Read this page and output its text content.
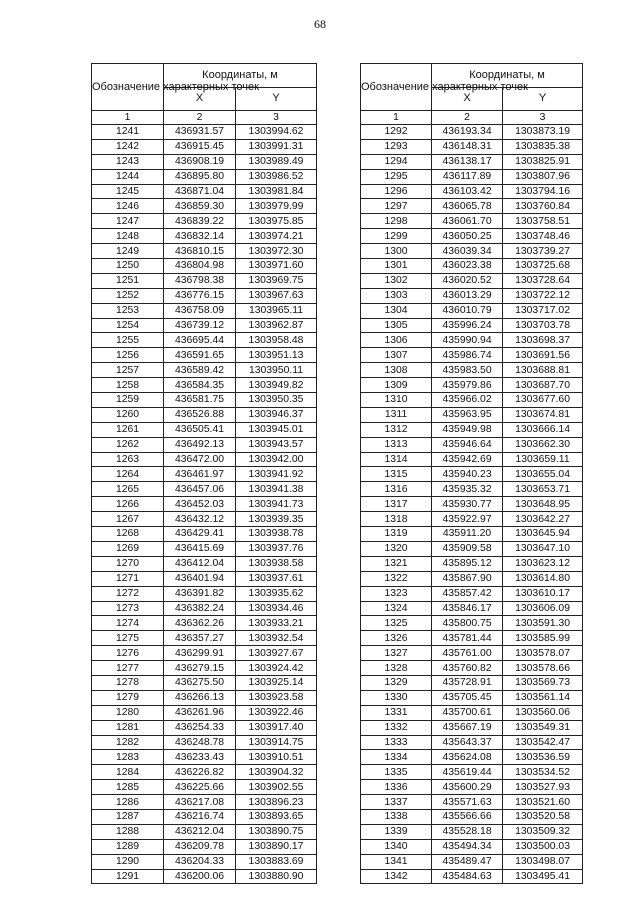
68
Обозначение характерных точек	Координаты, м	
	X	Y
1	2	3
1241	436931.57	1303994.62
1242	436915.45	1303991.31
1243	436908.19	1303989.49
1244	436895.80	1303986.52
1245	436871.04	1303981.84
1246	436859.30	1303979.99
1247	436839.22	1303975.85
1248	436832.14	1303974.21
1249	436810.15	1303972.30
1250	436804.98	1303971.60
1251	436798.38	1303969.75
1252	436776.15	1303967.63
1253	436758.09	1303965.11
1254	436739.12	1303962.87
1255	436695.44	1303958.48
1256	436591.65	1303951.13
1257	436589.42	1303950.11
1258	436584.35	1303949.82
1259	436581.75	1303950.35
1260	436526.88	1303946.37
1261	436505.41	1303945.01
1262	436492.13	1303943.57
1263	436472.00	1303942.00
1264	436461.97	1303941.92
1265	436457.06	1303941.38
1266	436452.03	1303941.73
1267	436432.12	1303939.35
1268	436429.41	1303938.78
1269	436415.69	1303937.76
1270	436412.04	1303938.58
1271	436401.94	1303937.61
1272	436391.82	1303935.62
1273	436382.24	1303934.46
1274	436362.26	1303933.21
1275	436357.27	1303932.54
1276	436299.91	1303927.67
1277	436279.15	1303924.42
1278	436275.50	1303925.14
1279	436266.13	1303923.58
1280	436261.96	1303922.46
1281	436254.33	1303917.40
1282	436248.78	1303914.75
1283	436233.43	1303910.51
1284	436226.82	1303904.32
1285	436225.66	1303902.55
1286	436217.08	1303896.23
1287	436216.74	1303893.65
1288	436212.04	1303890.75
1289	436209.78	1303890.17
1290	436204.33	1303883.69
1291	436200.06	1303880.90
Обозначение характерных точек	Координаты, м	
	X	Y
1	2	3
1292	436193.34	1303873.19
1293	436148.31	1303835.38
1294	436138.17	1303825.91
1295	436117.89	1303807.96
1296	436103.42	1303794.16
1297	436065.78	1303760.84
1298	436061.70	1303758.51
1299	436050.25	1303748.46
1300	436039.34	1303739.27
1301	436023.38	1303725.68
1302	436020.52	1303728.64
1303	436013.29	1303722.12
1304	436010.79	1303717.02
1305	435996.24	1303703.78
1306	435990.94	1303698.37
1307	435986.74	1303691.56
1308	435983.50	1303688.81
1309	435979.86	1303687.70
1310	435966.02	1303677.60
1311	435963.95	1303674.81
1312	435949.98	1303666.14
1313	435946.64	1303662.30
1314	435942.69	1303659.11
1315	435940.23	1303655.04
1316	435935.32	1303653.71
1317	435930.77	1303648.95
1318	435922.97	1303642.27
1319	435911.20	1303645.94
1320	435909.58	1303647.10
1321	435895.12	1303623.12
1322	435867.90	1303614.80
1323	435857.42	1303610.17
1324	435846.17	1303606.09
1325	435800.75	1303591.30
1326	435781.44	1303585.99
1327	435761.00	1303578.07
1328	435760.82	1303578.66
1329	435728.91	1303569.73
1330	435705.45	1303561.14
1331	435700.61	1303560.06
1332	435667.19	1303549.31
1333	435643.37	1303542.47
1334	435624.08	1303536.59
1335	435619.44	1303534.52
1336	435600.29	1303527.93
1337	435571.63	1303521.60
1338	435566.66	1303520.58
1339	435528.18	1303509.32
1340	435494.34	1303500.03
1341	435489.47	1303498.07
1342	435484.63	1303495.41
